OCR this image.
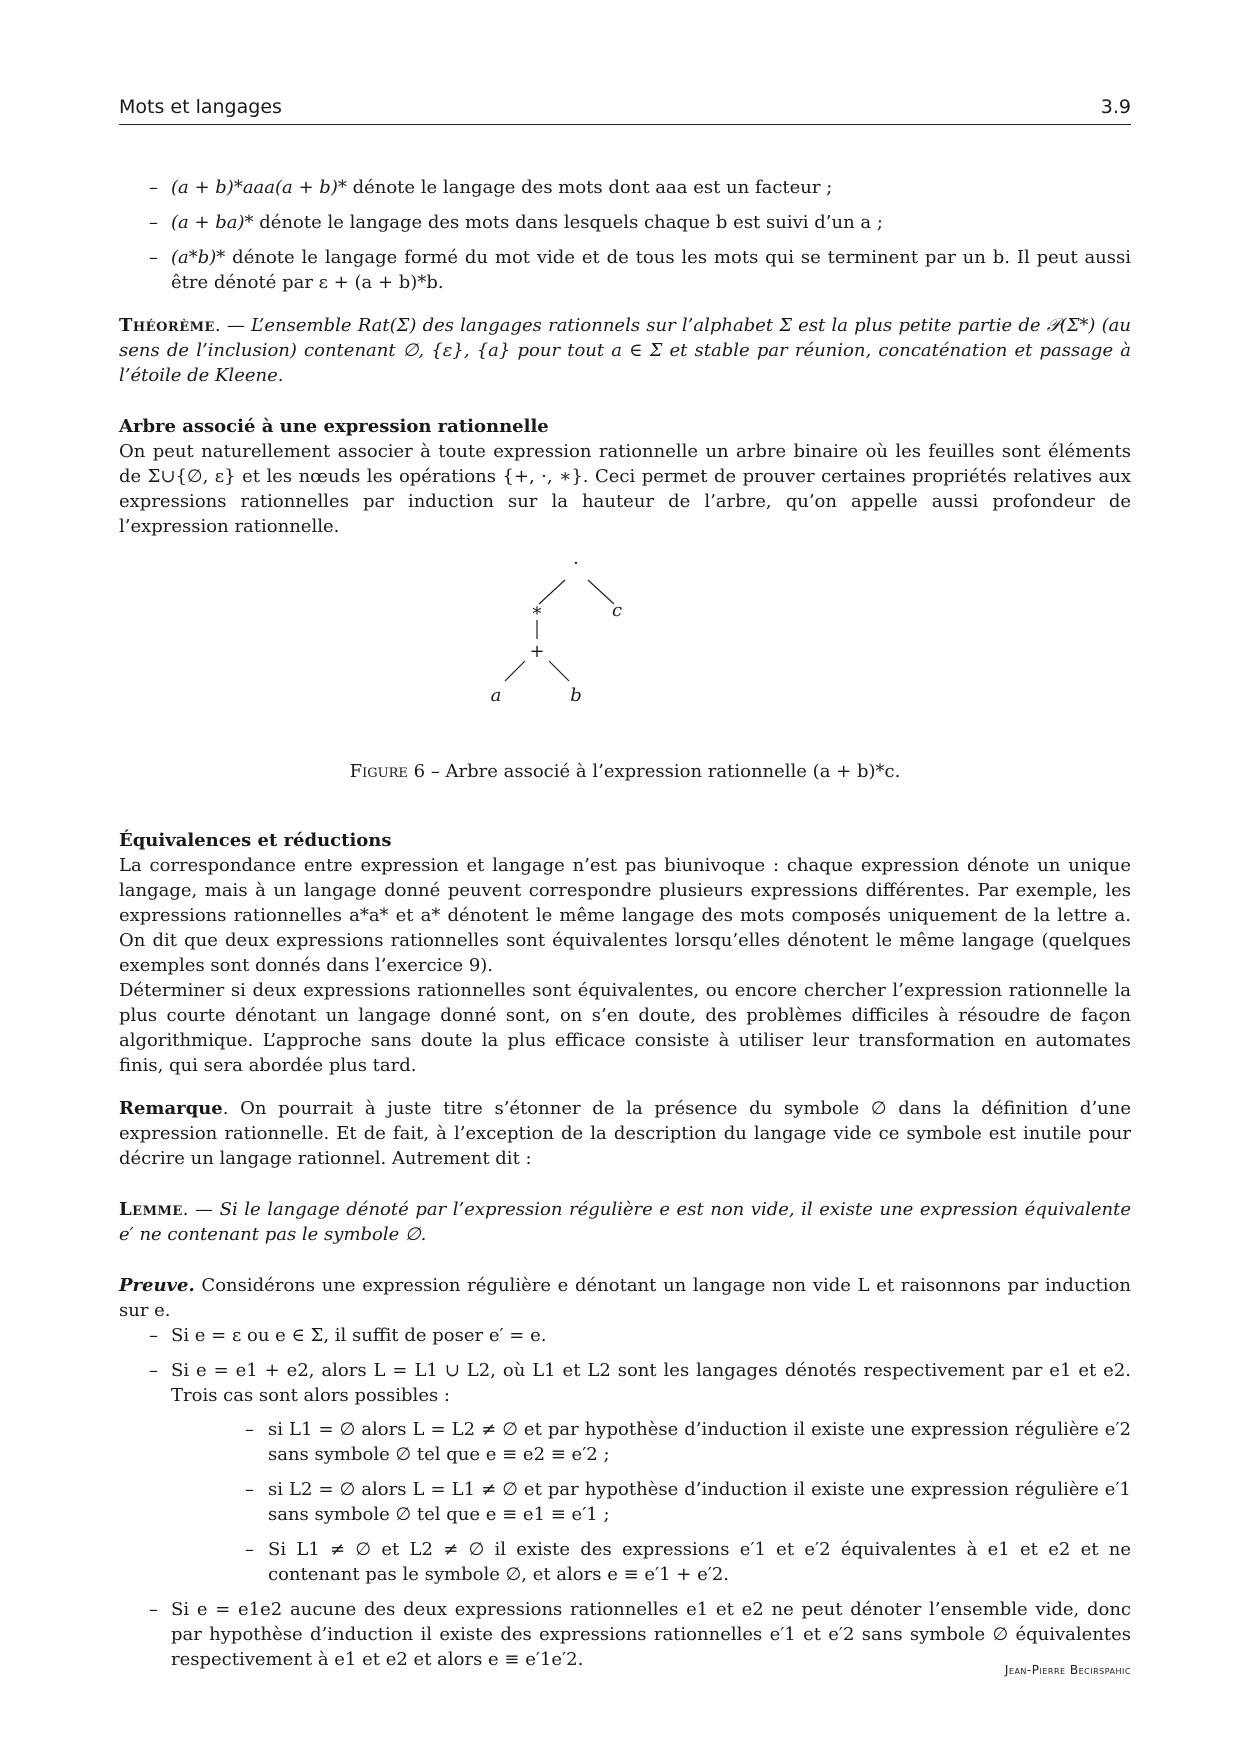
Mots et langages	3.9
– (a + b)*aaa(a + b)* dénote le langage des mots dont aaa est un facteur ;
– (a + ba)* dénote le langage des mots dans lesquels chaque b est suivi d’un a ;
– (a*b)* dénote le langage formé du mot vide et de tous les mots qui se terminent par un b. Il peut aussi être dénoté par ε + (a + b)*b.

Théorème. — L’ensemble Rat(Σ) des langages rationnels sur l’alphabet Σ est la plus petite partie de 𝒫(Σ*) (au sens de l’inclusion) contenant ∅, {ε}, {a} pour tout a ∈ Σ et stable par réunion, concaténation et passage à l’étoile de Kleene.

Arbre associé à une expression rationnelle

On peut naturellement associer à toute expression rationnelle un arbre binaire où les feuilles sont éléments de Σ∪{∅, ε} et les nœuds les opérations {+, ·, ∗}. Ceci permet de prouver certaines propriétés relatives aux expressions rationnelles par induction sur la hauteur de l’arbre, qu’on appelle aussi profondeur de l’expression rationnelle.

·
∗	c
+
a	b

Figure 6 – Arbre associé à l’expression rationnelle (a + b)*c.

Équivalences et réductions

La correspondance entre expression et langage n’est pas biunivoque : chaque expression dénote un unique langage, mais à un langage donné peuvent correspondre plusieurs expressions différentes. Par exemple, les expressions rationnelles a*a* et a* dénotent le même langage des mots composés uniquement de la lettre a. On dit que deux expressions rationnelles sont équivalentes lorsqu’elles dénotent le même langage (quelques exemples sont donnés dans l’exercice 9).

Déterminer si deux expressions rationnelles sont équivalentes, ou encore chercher l’expression rationnelle la plus courte dénotant un langage donné sont, on s’en doute, des problèmes difficiles à résoudre de façon algorithmique. L’approche sans doute la plus efficace consiste à utiliser leur transformation en automates finis, qui sera abordée plus tard.

Remarque. On pourrait à juste titre s’étonner de la présence du symbole ∅ dans la définition d’une expression rationnelle. Et de fait, à l’exception de la description du langage vide ce symbole est inutile pour décrire un langage rationnel. Autrement dit :

Lemme. — Si le langage dénoté par l’expression régulière e est non vide, il existe une expression équivalente e′ ne contenant pas le symbole ∅.

Preuve. Considérons une expression régulière e dénotant un langage non vide L et raisonnons par induction sur e.

– Si e = ε ou e ∈ Σ, il suffit de poser e′ = e.
– Si e = e1 + e2, alors L = L1 ∪ L2, où L1 et L2 sont les langages dénotés respectivement par e1 et e2. Trois cas sont alors possibles :
– si L1 = ∅ alors L = L2 ≠ ∅ et par hypothèse d’induction il existe une expression régulière e′2 sans symbole ∅ tel que e ≡ e2 ≡ e′2 ;
– si L2 = ∅ alors L = L1 ≠ ∅ et par hypothèse d’induction il existe une expression régulière e′1 sans symbole ∅ tel que e ≡ e1 ≡ e′1 ;
– Si L1 ≠ ∅ et L2 ≠ ∅ il existe des expressions e′1 et e′2 équivalentes à e1 et e2 et ne contenant pas le symbole ∅, et alors e ≡ e′1 + e′2.
– Si e = e1e2 aucune des deux expressions rationnelles e1 et e2 ne peut dénoter l’ensemble vide, donc par hypothèse d’induction il existe des expressions rationnelles e′1 et e′2 sans symbole ∅ équivalentes respectivement à e1 et e2 et alors e ≡ e′1e′2.	Jean-Pierre Becirspahic
